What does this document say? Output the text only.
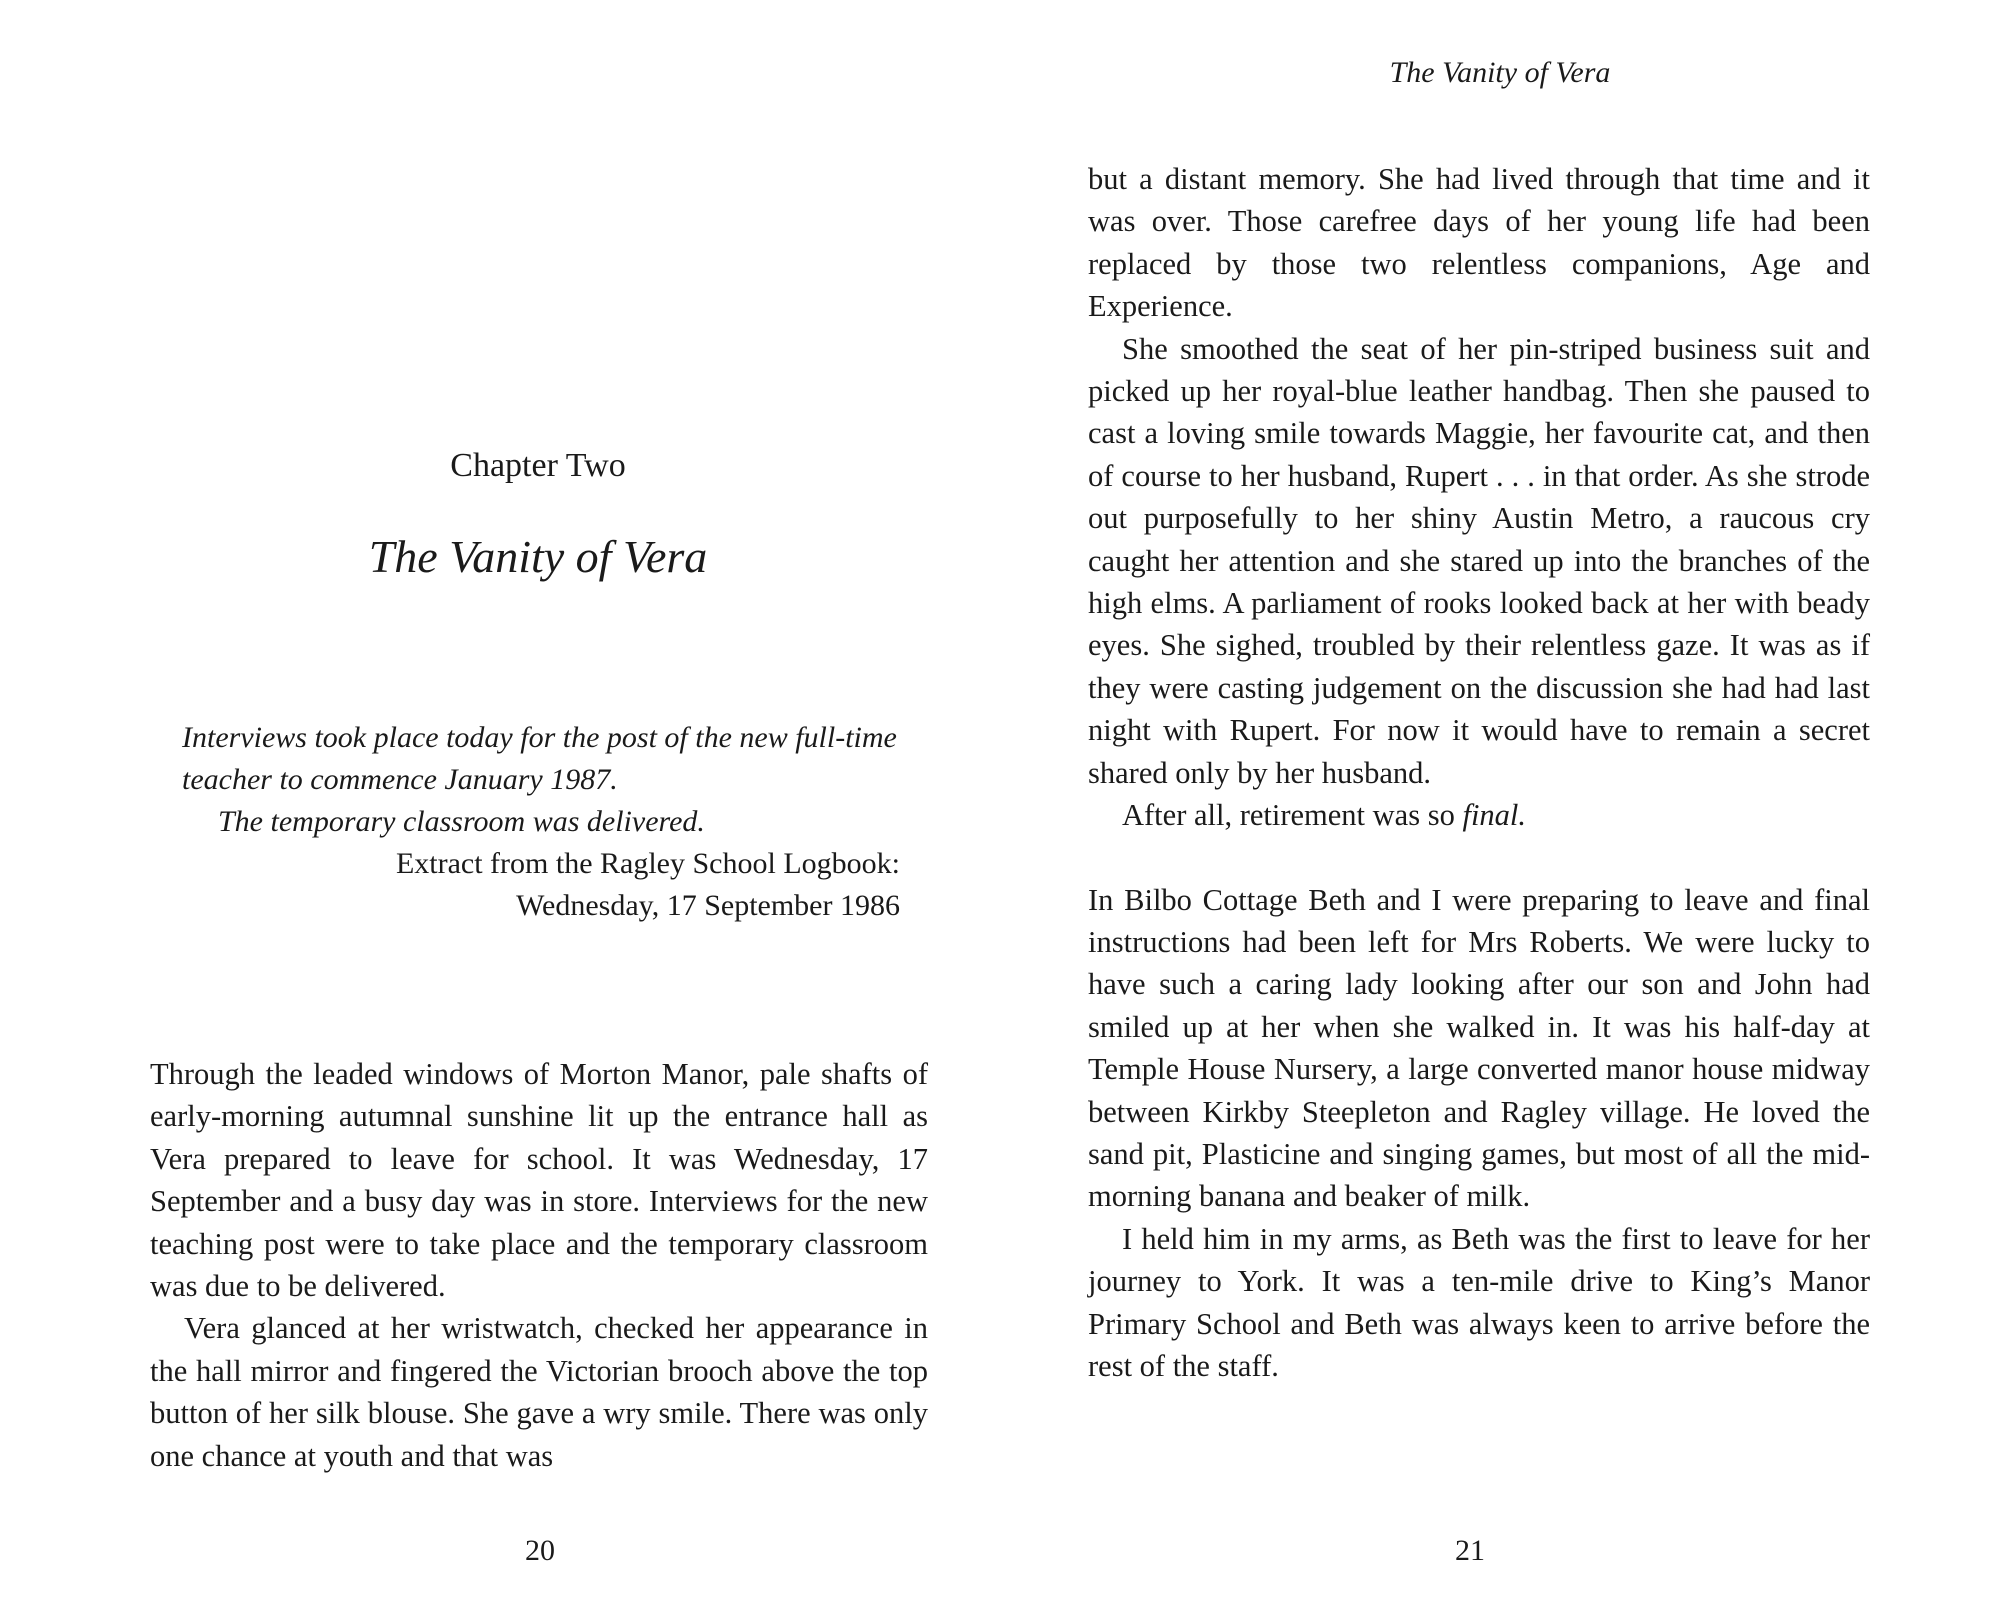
Chapter Two
The Vanity of Vera

Interviews took place today for the post of the new full-time teacher to commence January 1987.

The temporary classroom was delivered.

Extract from the Ragley School Logbook:

Wednesday, 17 September 1986

Through the leaded windows of Morton Manor, pale shafts of early-morning autumnal sunshine lit up the entrance hall as Vera prepared to leave for school. It was Wednesday, 17 September and a busy day was in store. Interviews for the new teaching post were to take place and the temporary classroom was due to be delivered.

Vera glanced at her wristwatch, checked her appearance in the hall mirror and fingered the Victorian brooch above the top button of her silk blouse. She gave a wry smile. There was only one chance at youth and that was

20

The Vanity of Vera

but a distant memory. She had lived through that time and it was over. Those carefree days of her young life had been replaced by those two relentless companions, Age and Experience.

She smoothed the seat of her pin-striped business suit and picked up her royal-blue leather handbag. Then she paused to cast a loving smile towards Maggie, her favourite cat, and then of course to her husband, Rupert . . . in that order. As she strode out purposefully to her shiny Austin Metro, a raucous cry caught her attention and she stared up into the branches of the high elms. A parliament of rooks looked back at her with beady eyes. She sighed, troubled by their relentless gaze. It was as if they were casting judgement on the discussion she had had last night with Rupert. For now it would have to remain a secret shared only by her husband.

After all, retirement was so final.

In Bilbo Cottage Beth and I were preparing to leave and final instructions had been left for Mrs Roberts. We were lucky to have such a caring lady looking after our son and John had smiled up at her when she walked in. It was his half-day at Temple House Nursery, a large converted manor house midway between Kirkby Steepleton and Ragley village. He loved the sand pit, Plasticine and singing games, but most of all the mid-morning banana and beaker of milk.

I held him in my arms, as Beth was the first to leave for her journey to York. It was a ten-mile drive to King’s Manor Primary School and Beth was always keen to arrive before the rest of the staff.

21
